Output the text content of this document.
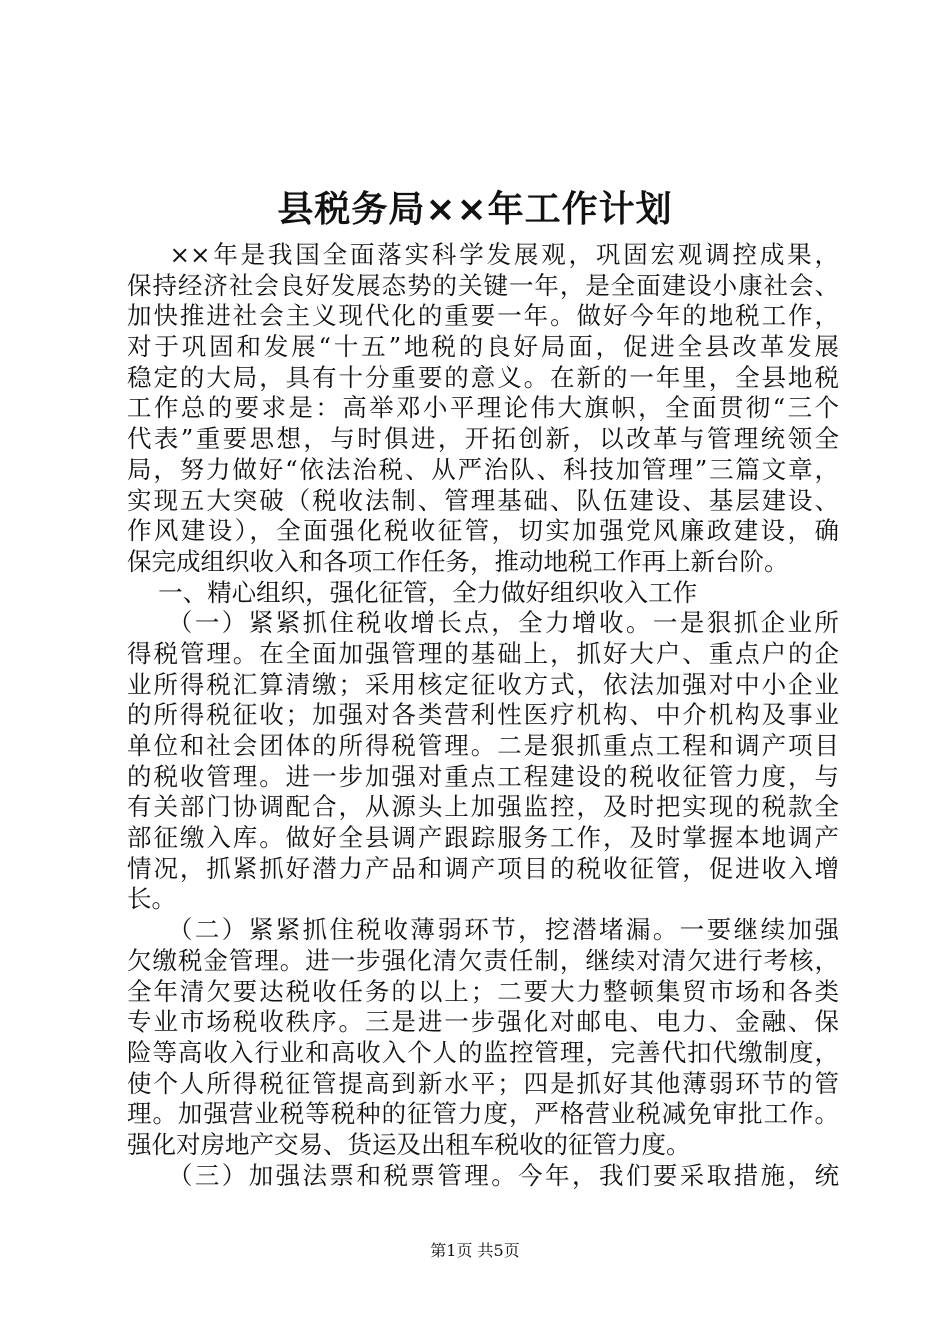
县税务局××年工作计划
××年是我国全面落实科学发展观，巩固宏观调控成果，
保持经济社会良好发展态势的关键一年，是全面建设小康社会、
加快推进社会主义现代化的重要一年。做好今年的地税工作，
对于巩固和发展“十五”地税的良好局面，促进全县改革发展
稳定的大局，具有十分重要的意义。在新的一年里，全县地税
工作总的要求是：高举邓小平理论伟大旗帜，全面贯彻“三个
代表”重要思想，与时俱进，开拓创新，以改革与管理统领全
局，努力做好“依法治税、从严治队、科技加管理”三篇文章，
实现五大突破（税收法制、管理基础、队伍建设、基层建设、
作风建设），全面强化税收征管，切实加强党风廉政建设，确
保完成组织收入和各项工作任务，推动地税工作再上新台阶。
一、精心组织，强化征管，全力做好组织收入工作
（一）紧紧抓住税收增长点，全力增收。一是狠抓企业所
得税管理。在全面加强管理的基础上，抓好大户、重点户的企
业所得税汇算清缴；采用核定征收方式，依法加强对中小企业
的所得税征收；加强对各类营利性医疗机构、中介机构及事业
单位和社会团体的所得税管理。二是狠抓重点工程和调产项目
的税收管理。进一步加强对重点工程建设的税收征管力度，与
有关部门协调配合，从源头上加强监控，及时把实现的税款全
部征缴入库。做好全县调产跟踪服务工作，及时掌握本地调产
情况，抓紧抓好潜力产品和调产项目的税收征管，促进收入增
长。
（二）紧紧抓住税收薄弱环节，挖潜堵漏。一要继续加强
欠缴税金管理。进一步强化清欠责任制，继续对清欠进行考核，
全年清欠要达税收任务的以上；二要大力整顿集贸市场和各类
专业市场税收秩序。三是进一步强化对邮电、电力、金融、保
险等高收入行业和高收入个人的监控管理，完善代扣代缴制度，
使个人所得税征管提高到新水平；四是抓好其他薄弱环节的管
理。加强营业税等税种的征管力度，严格营业税减免审批工作。
强化对房地产交易、货运及出租车税收的征管力度。
（三）加强法票和税票管理。今年，我们要采取措施，统
第1页 共5页
